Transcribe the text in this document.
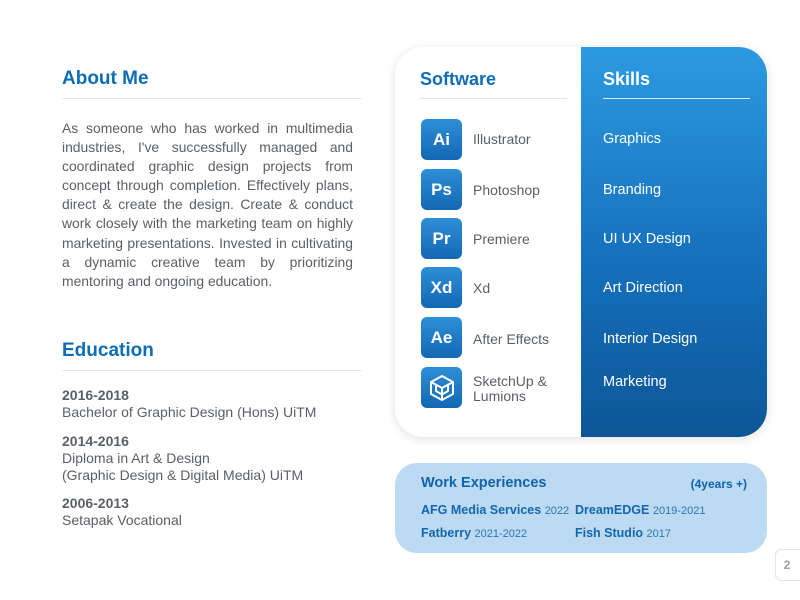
About Me

As someone who has worked in multimedia industries, I've successfully managed and coordinated graphic design projects from concept through completion. Effectively plans, direct & create the design. Create & conduct work closely with the marketing team on highly marketing presentations. Invested in cultivating a dynamic creative team by prioritizing mentoring and ongoing education.

Education
2016-2018
Bachelor of Graphic Design (Hons) UiTM
2014-2016
Diploma in Art & Design
(Graphic Design & Digital Media) UiTM
2006-2013
Setapak Vocational
Software
Ai	Illustrator
Ps	Photoshop
Pr	Premiere
Xd	Xd
Ae	After Effects
SketchUp &
Lumions
Skills
Graphics
Branding
UI UX Design
Art Direction
Interior Design
Marketing
Work Experiences	(4years +)
AFG Media Services 2022 DreamEDGE 2019-2021
Fatberry 2021-2022	Fish Studio 2017
2
